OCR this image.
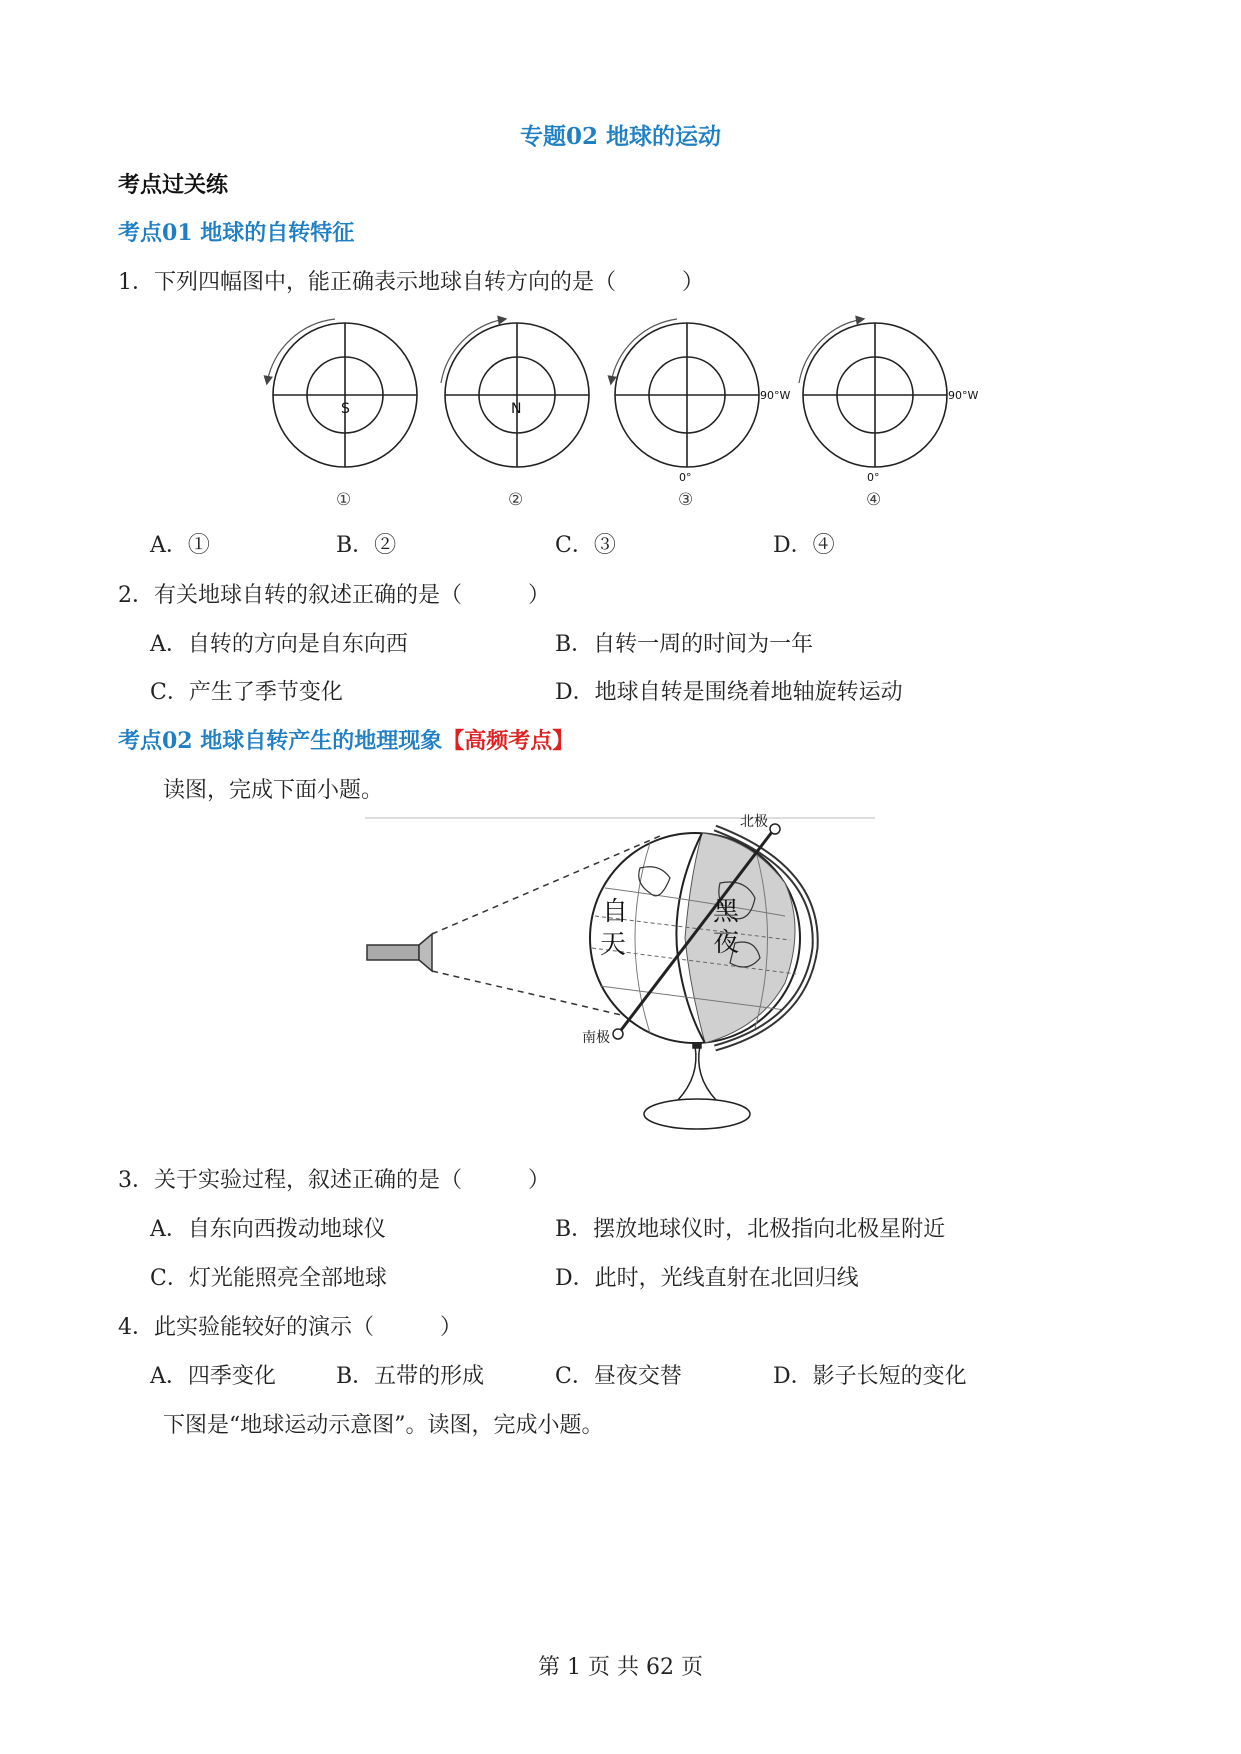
专题02 地球的运动
考点过关练
考点01 地球的自转特征
1．下列四幅图中，能正确表示地球自转方向的是（　　　）
S	N
90°W
0°
90°W
0°
①	②	③	④
A．①	B．②	C．③	D．④
2．有关地球自转的叙述正确的是（　　　）
A．自转的方向是自东向西	B．自转一周的时间为一年
C．产生了季节变化	D．地球自转是围绕着地轴旋转运动
考点02 地球自转产生的地理现象【高频考点】
读图，完成下面小题。
北极
南极
自
天
黑
夜
3．关于实验过程，叙述正确的是（　　　）
A．自东向西拨动地球仪	B．摆放地球仪时，北极指向北极星附近
C．灯光能照亮全部地球	D．此时，光线直射在北回归线
4．此实验能较好的演示（　　　）
A．四季变化	B．五带的形成	C．昼夜交替	D．影子长短的变化
下图是“地球运动示意图”。读图，完成小题。
第 1 页 共 62 页
